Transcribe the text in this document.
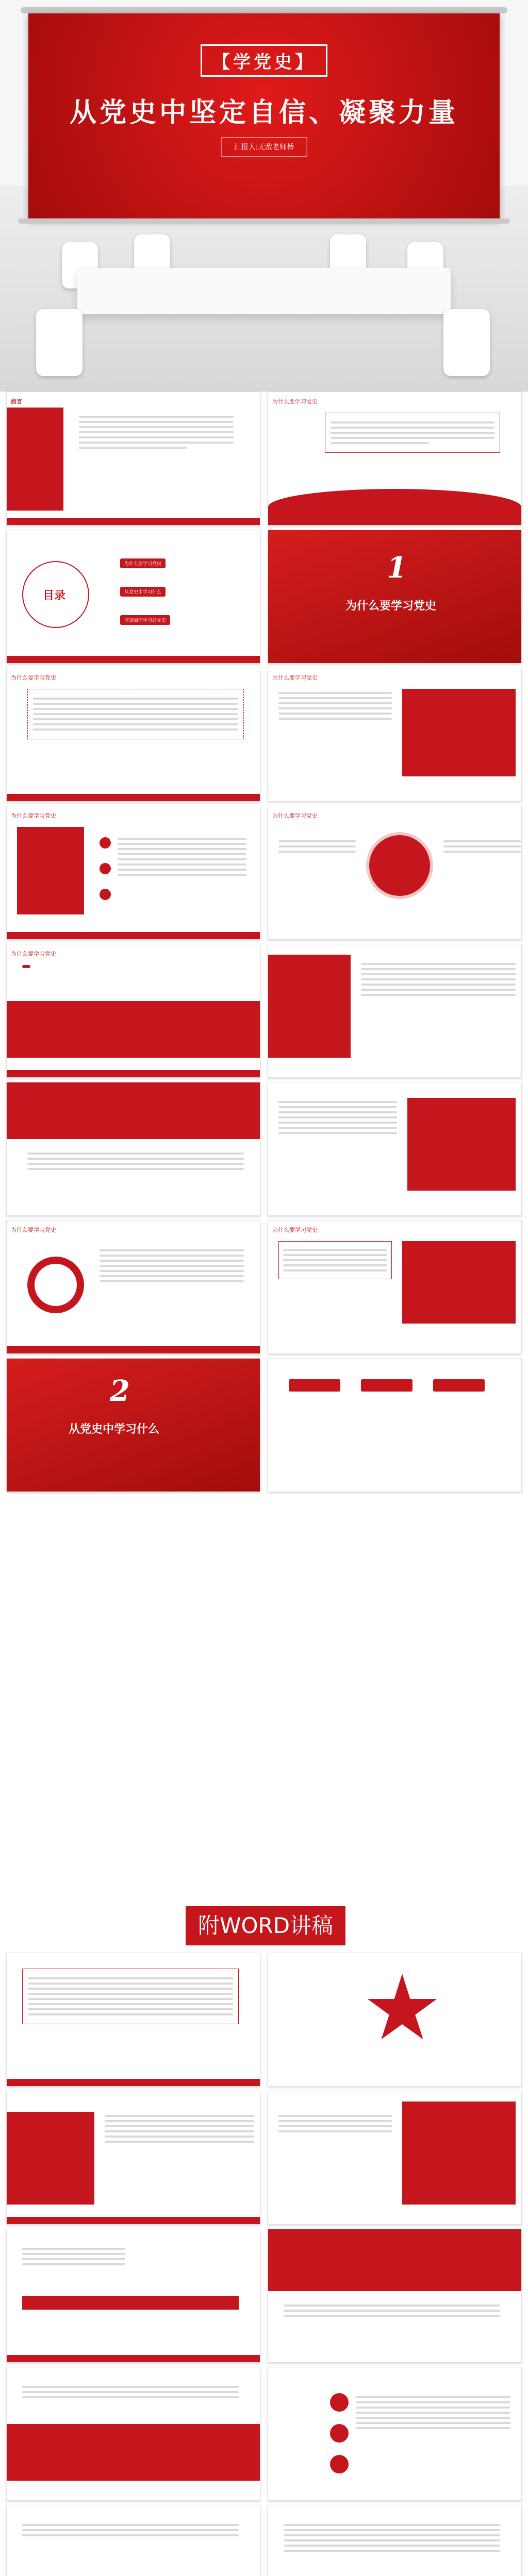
【学党史】
从党史中坚定自信、凝聚力量
汇报人:无敌老师傅
前言	为什么要学习党史
目录
为什么要学习党史
从党史中学习什么
应该如何学习好党史
1
为什么要学习党史
为什么要学习党史	为什么要学习党史
为什么要学习党史	为什么要学习党史
为什么要学习党史
为什么要学习党史	为什么要学习党史
2
从党史中学习什么
附WORD讲稿
